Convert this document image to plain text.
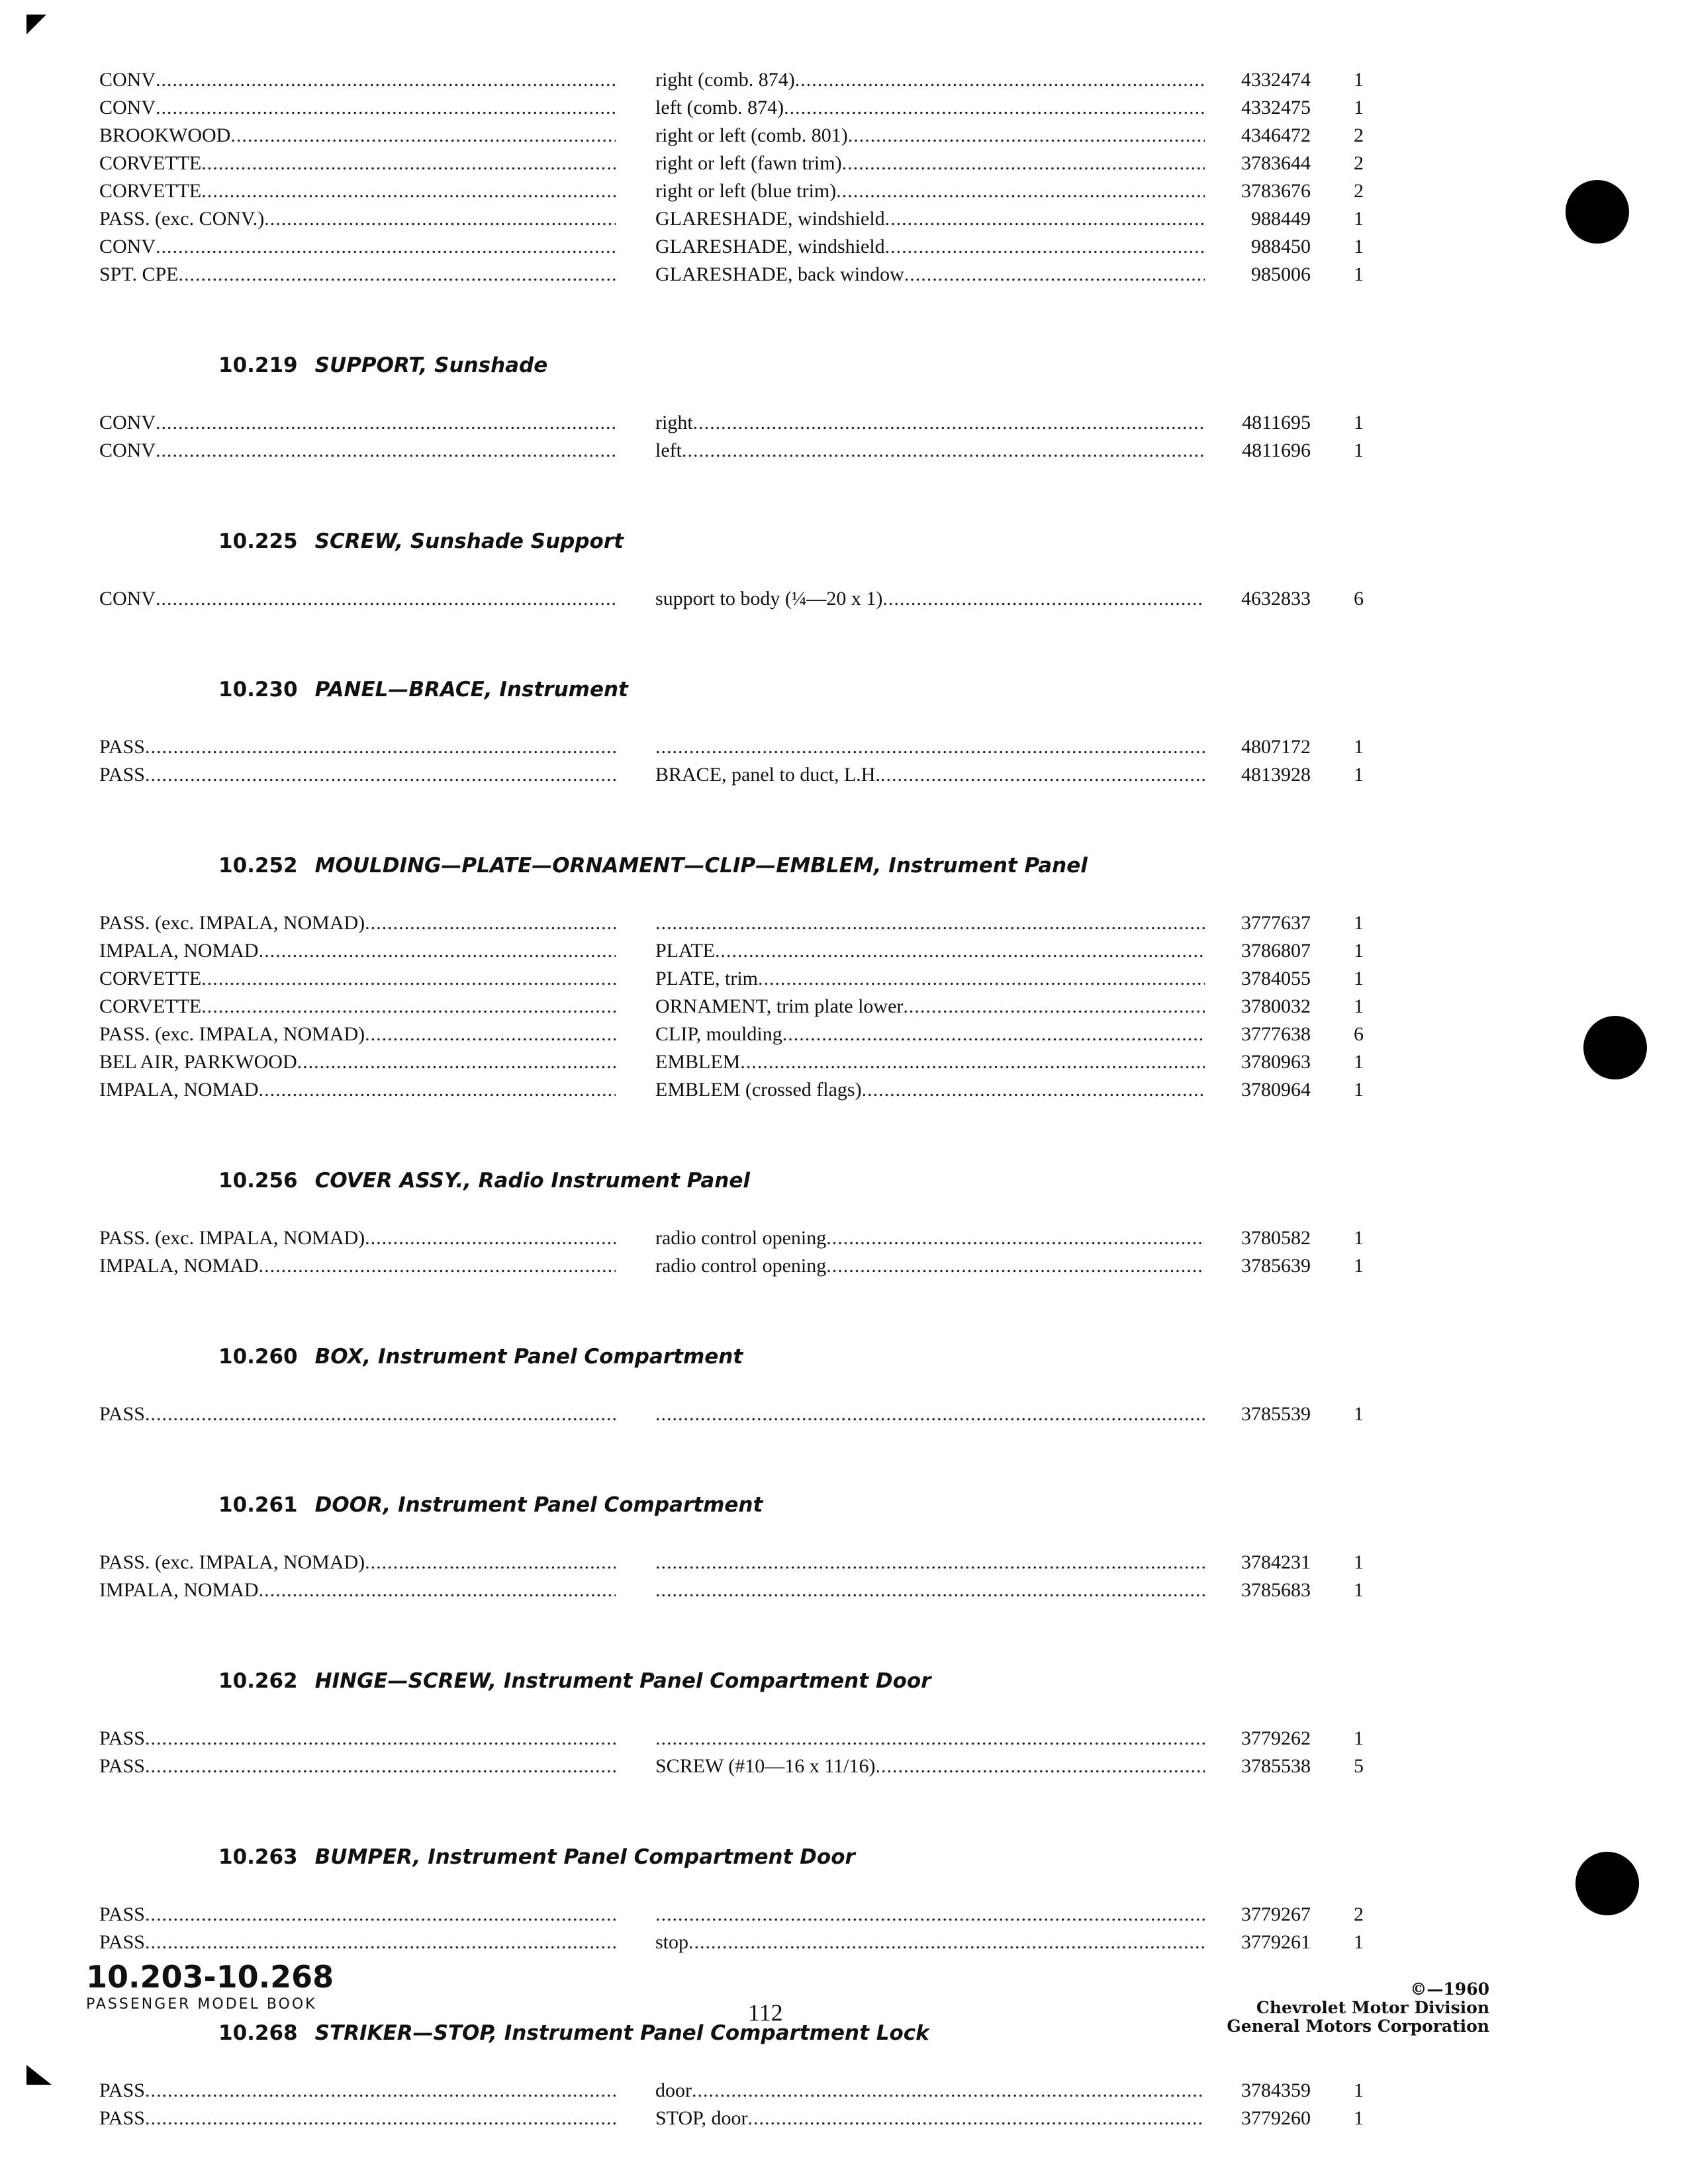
CONV .....	right (comb. 874) .....	4332474 1
CONV .....	left (comb. 874) .....	4332475 1
BROOKWOOD .....	right or left (comb. 801) .....	4346472 2
CORVETTE .....	right or left (fawn trim) .....	3783644 2
CORVETTE .....	right or left (blue trim) .....	3783676 2
PASS. (exc. CONV.) .....	GLARESHADE, windshield .....	988449 1
CONV .....	GLARESHADE, windshield .....	988450 1
SPT. CPE .....	GLARESHADE, back window .....	985006 1
10.219 SUPPORT, Sunshade
CONV .....	right .....	4811695 1
CONV .....	left .....	4811696 1
10.225 SCREW, Sunshade Support
CONV .....	support to body (¼—20 x 1) .....	4632833 6
10.230 PANEL—BRACE, Instrument
PASS ..... .....	4807172 1
PASS .....	BRACE, panel to duct, L.H. .....	4813928 1
10.252 MOULDING—PLATE—ORNAMENT—CLIP—EMBLEM, Instrument Panel
PASS. (exc. IMPALA, NOMAD) ..... .....	3777637 1
IMPALA, NOMAD .....	PLATE .....	3786807 1
CORVETTE .....	PLATE, trim .....	3784055 1
CORVETTE .....	ORNAMENT, trim plate lower .....	3780032 1
PASS. (exc. IMPALA, NOMAD) .....	CLIP, moulding .....	3777638 6
BEL AIR, PARKWOOD .....	EMBLEM .....	3780963 1
IMPALA, NOMAD .....	EMBLEM (crossed flags) .....	3780964 1
10.256 COVER ASSY., Radio Instrument Panel
PASS. (exc. IMPALA, NOMAD) .....	radio control opening .....	3780582 1
IMPALA, NOMAD .....	radio control opening .....	3785639 1
10.260 BOX, Instrument Panel Compartment
PASS ..... .....	3785539 1
10.261 DOOR, Instrument Panel Compartment
PASS. (exc. IMPALA, NOMAD) ..... .....	3784231 1
IMPALA, NOMAD ..... .....	3785683 1
10.262 HINGE—SCREW, Instrument Panel Compartment Door
PASS ..... .....	3779262 1
PASS .....	SCREW (#10—16 x 11/16) .....	3785538 5
10.263 BUMPER, Instrument Panel Compartment Door
PASS ..... .....	3779267 2
PASS .....	stop .....	3779261 1
10.268 STRIKER—STOP, Instrument Panel Compartment Lock
PASS .....	door .....	3784359 1
PASS .....	STOP, door .....	3779260 1
10.203-10.268
PASSENGER MODEL BOOK	112
©—1960
Chevrolet Motor Division
General Motors Corporation
